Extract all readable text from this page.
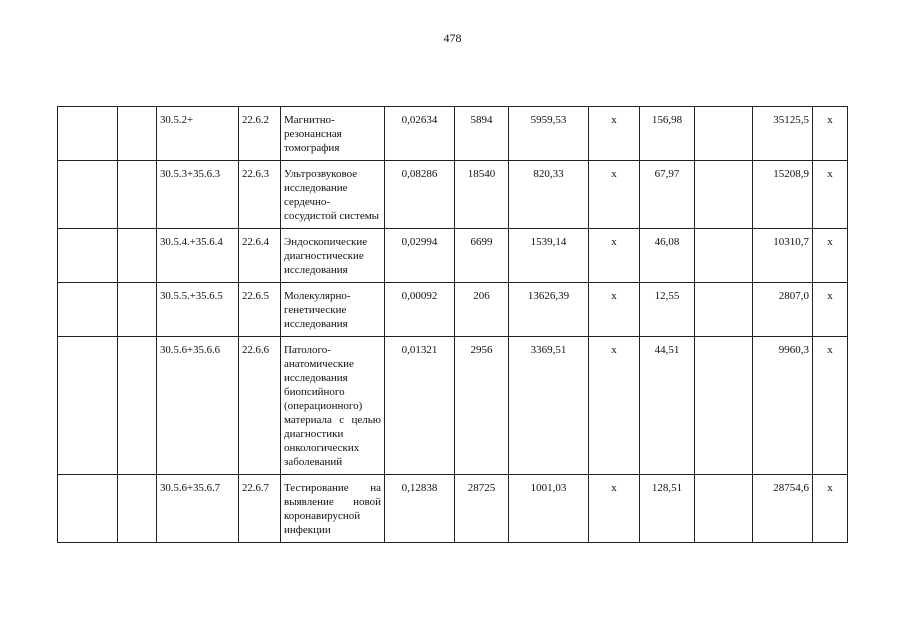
478
		30.5.2+	22.6.2	Магнитно-резонансная томография	0,02634	5894	5959,53	х	156,98		35125,5	х
		30.5.3+35.6.3	22.6.3	Ультрозвуковое исследование сердечно-сосудистой системы	0,08286	18540	820,33	х	67,97		15208,9	х
		30.5.4.+35.6.4	22.6.4	Эндоскопические диагностические исследования	0,02994	6699	1539,14	х	46,08		10310,7	х
		30.5.5.+35.6.5	22.6.5	Молекулярно-генетические исследования	0,00092	206	13626,39	х	12,55		2807,0	х
		30.5.6+35.6.6	22.6.6	Патолого-анатомические исследования биопсийного (операционного) материала с целью диагностики онкологических заболеваний	0,01321	2956	3369,51	х	44,51		9960,3	х
		30.5.6+35.6.7	22.6.7	Тестирование на выявление новой коронавирусной инфекции	0,12838	28725	1001,03	х	128,51		28754,6	х
